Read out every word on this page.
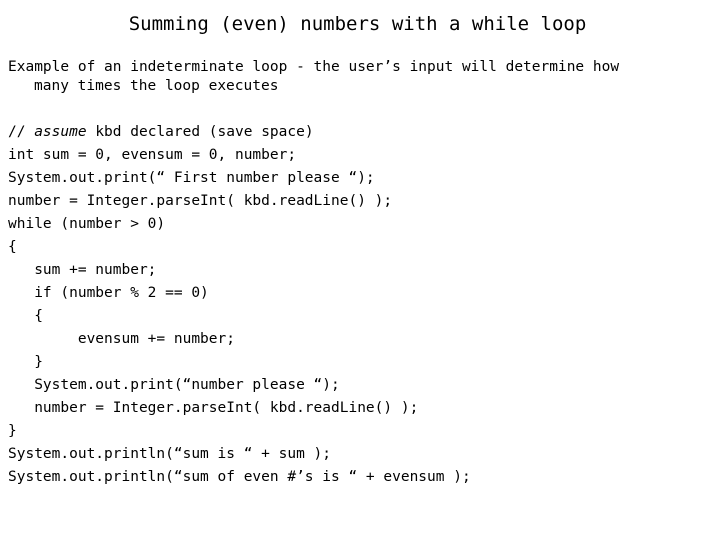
Summing (even) numbers with a while loop
Example of an indeterminate loop - the user’s input will determine how
many times the loop executes
// assume kbd declared (save space)
int sum = 0, evensum = 0, number;
System.out.print(“ First number please “);
number = Integer.parseInt( kbd.readLine() );
while (number > 0)
{
sum += number;
if (number % 2 == 0)
{
evensum += number;
}
System.out.print(“number please “);
number = Integer.parseInt( kbd.readLine() );
}
System.out.println(“sum is “ + sum );
System.out.println(“sum of even #’s is “ + evensum );
